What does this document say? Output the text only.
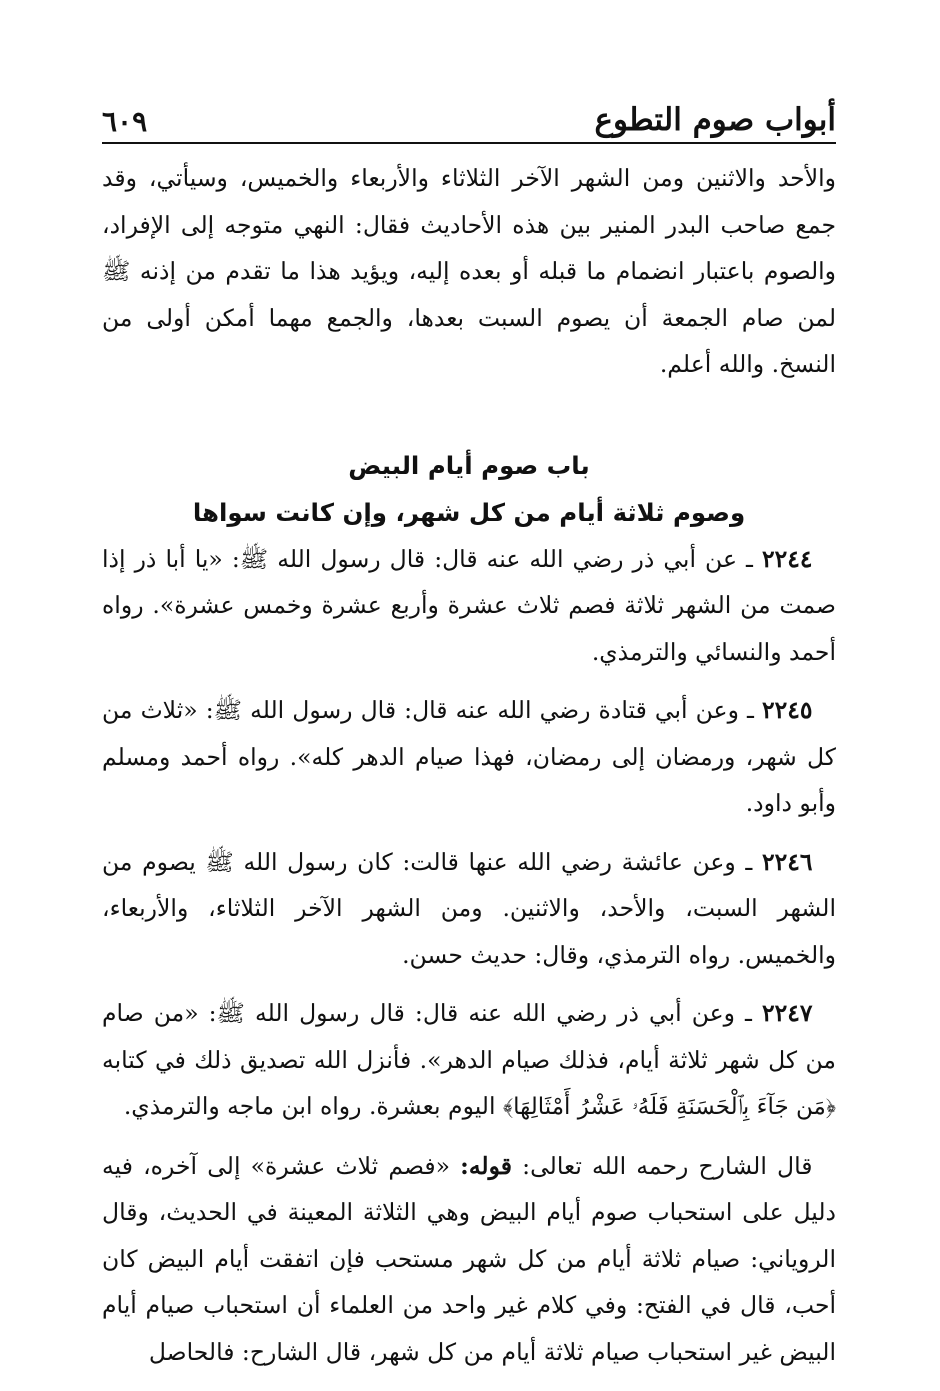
أبواب صوم التطوع
٦٠٩

والأحد والاثنين ومن الشهر الآخر الثلاثاء والأربعاء والخميس، وسيأتي، وقد جمع صاحب البدر المنير بين هذه الأحاديث فقال: النهي متوجه إلى الإفراد، والصوم باعتبار انضمام ما قبله أو بعده إليه، ويؤيد هذا ما تقدم من إذنه ﷺ لمن صام الجمعة أن يصوم السبت بعدها، والجمع مهما أمكن أولى من النسخ. والله أعلم.

باب صوم أيام البيض
وصوم ثلاثة أيام من كل شهر، وإن كانت سواها

 ٢٢٤٤ ـ عن أبي ذر رضي الله عنه قال: قال رسول الله ﷺ: «يا أبا ذر إذا صمت من الشهر ثلاثة فصم ثلاث عشرة وأربع عشرة وخمس عشرة». رواه أحمد والنسائي والترمذي.

 ٢٢٤٥ ـ وعن أبي قتادة رضي الله عنه قال: قال رسول الله ﷺ: «ثلاث من كل شهر، ورمضان إلى رمضان، فهذا صيام الدهر كله». رواه أحمد ومسلم وأبو داود.

 ٢٢٤٦ ـ وعن عائشة رضي الله عنها قالت: كان رسول الله ﷺ يصوم من الشهر السبت، والأحد، والاثنين. ومن الشهر الآخر الثلاثاء، والأربعاء، والخميس. رواه الترمذي، وقال: حديث حسن.

 ٢٢٤٧ ـ وعن أبي ذر رضي الله عنه قال: قال رسول الله ﷺ: «من صام من كل شهر ثلاثة أيام، فذلك صيام الدهر». فأنزل الله تصديق ذلك في كتابه ﴿مَن جَآءَ بِٱلْحَسَنَةِ فَلَهُۥ عَشْرُ أَمْثَالِهَا﴾ اليوم بعشرة. رواه ابن ماجه والترمذي.

 قال الشارح رحمه الله تعالى: قوله: «فصم ثلاث عشرة» إلى آخره، فيه دليل على استحباب صوم أيام البيض وهي الثلاثة المعينة في الحديث، وقال الروياني: صيام ثلاثة أيام من كل شهر مستحب فإن اتفقت أيام البيض كان أحب، قال في الفتح: وفي كلام غير واحد من العلماء أن استحباب صيام أيام البيض غير استحباب صيام ثلاثة أيام من كل شهر، قال الشارح: فالحاصل
